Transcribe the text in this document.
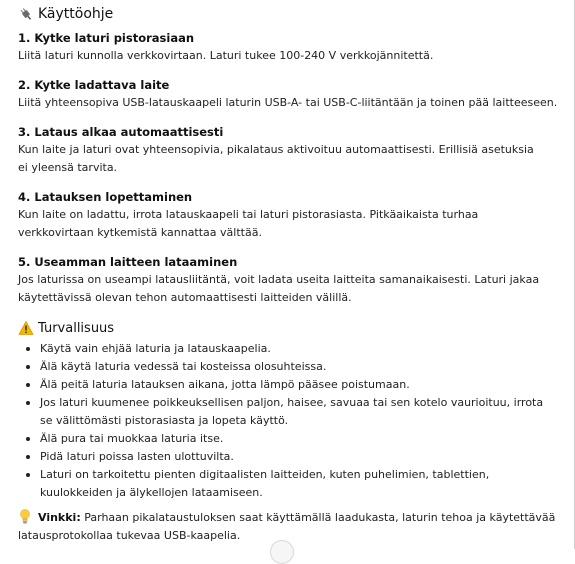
Käyttöohje
1. Kytke laturi pistorasiaan
Liitä laturi kunnolla verkkovirtaan. Laturi tukee 100-240 V verkkojännitettä.
2. Kytke ladattava laite
Liitä yhteensopiva USB-latauskaapeli laturin USB-A- tai USB-C-liitäntään ja toinen pää laitteeseen.
3. Lataus alkaa automaattisesti
Kun laite ja laturi ovat yhteensopivia, pikalataus aktivoituu automaattisesti. Erillisiä asetuksia ei yleensä tarvita.
4. Latauksen lopettaminen
Kun laite on ladattu, irrota latauskaapeli tai laturi pistorasiasta. Pitkäaikaista turhaa verkkovirtaan kytkemistä kannattaa välttää.
5. Useamman laitteen lataaminen
Jos laturissa on useampi latausliitäntä, voit ladata useita laitteita samanaikaisesti. Laturi jakaa käytettävissä olevan tehon automaattisesti laitteiden välillä.
Turvallisuus
Käytä vain ehjää laturia ja latauskaapelia.
Älä käytä laturia vedessä tai kosteissa olosuhteissa.
Älä peitä laturia latauksen aikana, jotta lämpö pääsee poistumaan.
Jos laturi kuumenee poikkeuksellisen paljon, haisee, savuaa tai sen kotelo vaurioituu, irrota se välittömästi pistorasiasta ja lopeta käyttö.
Älä pura tai muokkaa laturia itse.
Pidä laturi poissa lasten ulottuvilta.
Laturi on tarkoitettu pienten digitaalisten laitteiden, kuten puhelimien, tablettien, kuulokkeiden ja älykellojen lataamiseen.
Vinkki: Parhaan pikalataustuloksen saat käyttämällä laadukasta, laturin tehoa ja käytettävää latausprotokollaa tukevaa USB-kaapelia.
